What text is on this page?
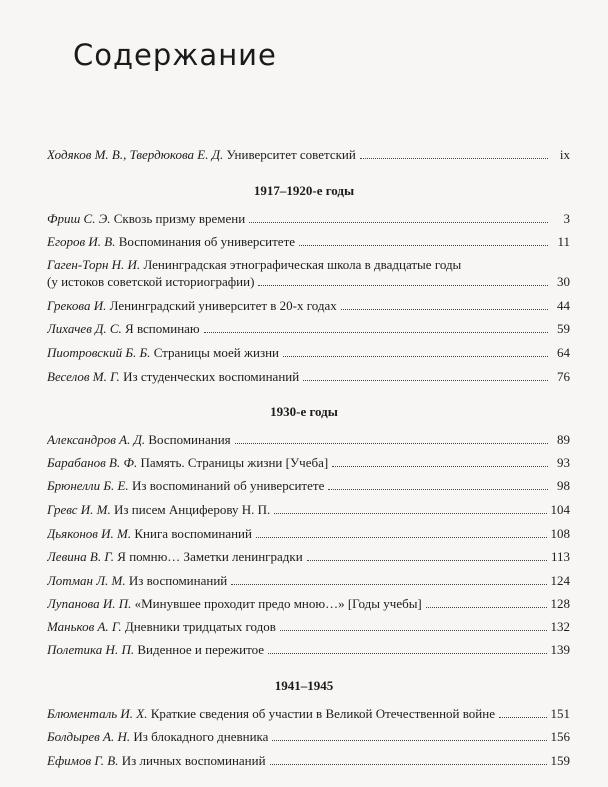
Содержание
Ходяков М. В., Твердюкова Е. Д. Университет советский	ix
1917–1920-е годы
Фриш С. Э. Сквозь призму времени	3
Егоров И. В. Воспоминания об университете	11
Гаген-Торн Н. И. Ленинградская этнографическая школа в двадцатые годы
(у истоков советской историографии)	30
Грекова И. Ленинградский университет в 20-х годах	44
Лихачев Д. С. Я вспоминаю	59
Пиотровский Б. Б. Страницы моей жизни	64
Веселов М. Г. Из студенческих воспоминаний	76
1930-е годы
Александров А. Д. Воспоминания	89
Барабанов В. Ф. Память. Страницы жизни [Учеба]	93
Брюнелли Б. Е. Из воспоминаний об университете	98
Гревс И. М. Из писем Анциферову Н. П.	104
Дьяконов И. М. Книга воспоминаний	108
Левина В. Г. Я помню… Заметки ленинградки	113
Лотман Л. М. Из воспоминаний	124
Лупанова И. П. «Минувшее проходит предо мною…» [Годы учебы]	128
Маньков А. Г. Дневники тридцатых годов	132
Полетика Н. П. Виденное и пережитое	139
1941–1945
Блюменталь И. Х. Краткие сведения об участии в Великой Отечественной войне	151
Болдырев А. Н. Из блокадного дневника	156
Ефимов Г. В. Из личных воспоминаний	159
